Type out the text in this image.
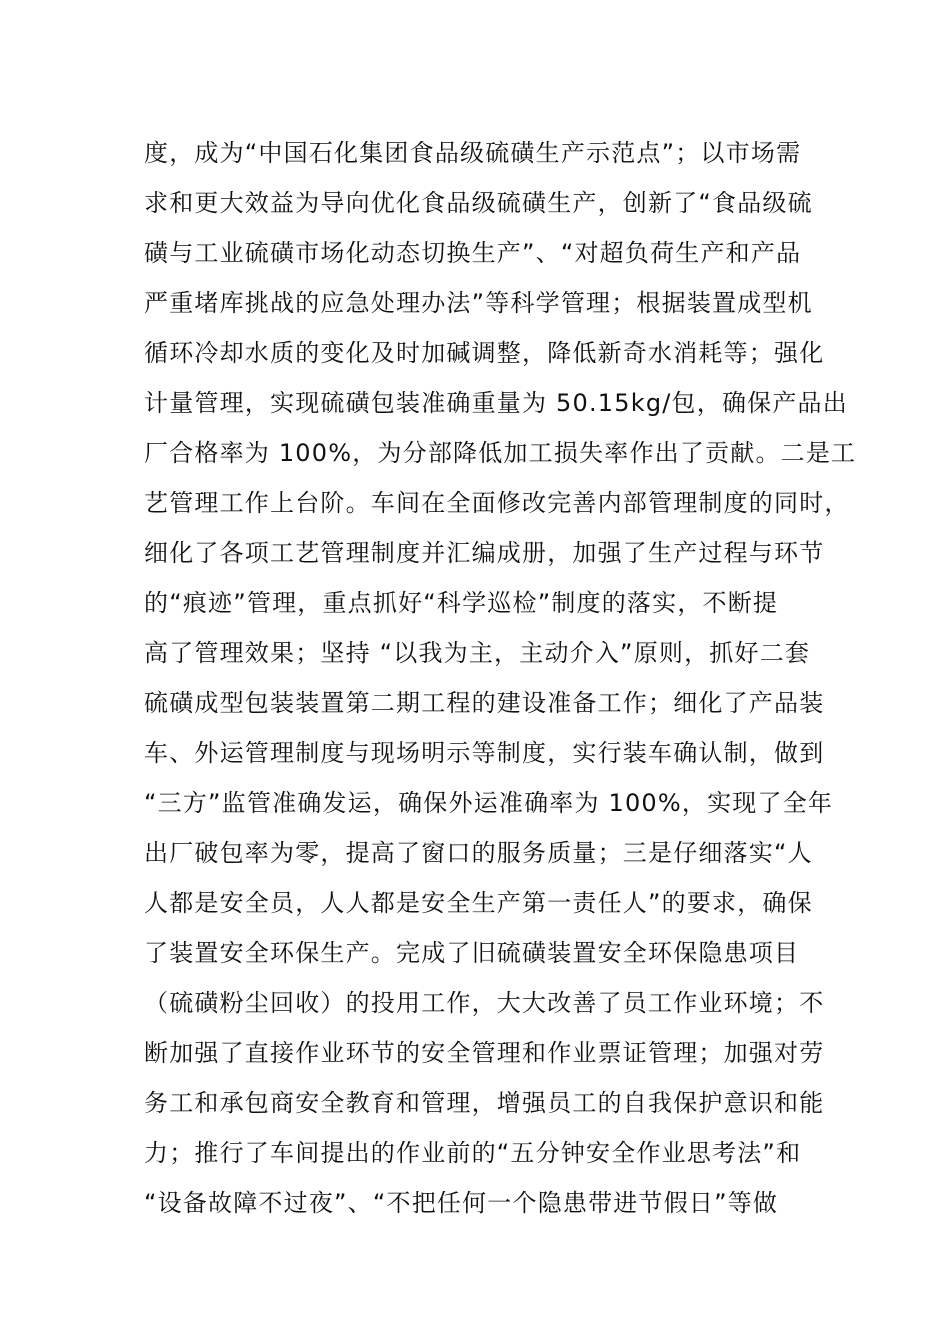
度，成为“中国石化集团食品级硫磺生产示范点”；以市场需
求和更大效益为导向优化食品级硫磺生产，创新了“食品级硫
磺与工业硫磺市场化动态切换生产”、“对超负荷生产和产品
严重堵库挑战的应急处理办法”等科学管理；根据装置成型机
循环冷却水质的变化及时加碱调整，降低新奇水消耗等；强化
计量管理，实现硫磺包装准确重量为 50.15kg/包，确保产品出
厂合格率为 100%，为分部降低加工损失率作出了贡献。二是工
艺管理工作上台阶。车间在全面修改完善内部管理制度的同时，
细化了各项工艺管理制度并汇编成册，加强了生产过程与环节
的“痕迹”管理，重点抓好“科学巡检”制度的落实，不断提
高了管理效果；坚持 “以我为主，主动介入”原则，抓好二套
硫磺成型包装装置第二期工程的建设准备工作；细化了产品装
车、外运管理制度与现场明示等制度，实行装车确认制，做到
“三方”监管准确发运，确保外运准确率为 100%，实现了全年
出厂破包率为零，提高了窗口的服务质量；三是仔细落实“人
人都是安全员，人人都是安全生产第一责任人”的要求，确保
了装置安全环保生产。完成了旧硫磺装置安全环保隐患项目
（硫磺粉尘回收）的投用工作，大大改善了员工作业环境；不
断加强了直接作业环节的安全管理和作业票证管理；加强对劳
务工和承包商安全教育和管理，增强员工的自我保护意识和能
力；推行了车间提出的作业前的“五分钟安全作业思考法”和
“设备故障不过夜”、“不把任何一个隐患带进节假日”等做
